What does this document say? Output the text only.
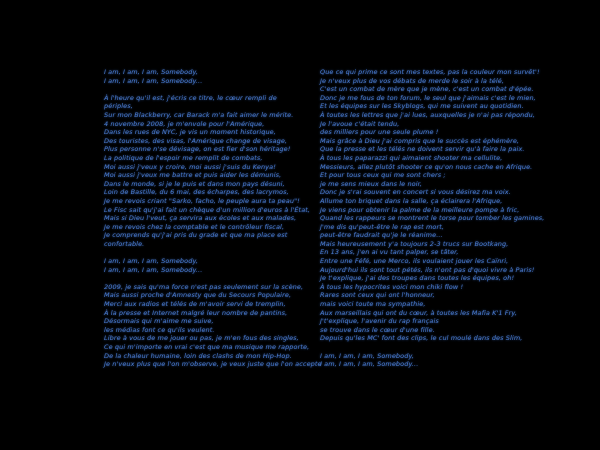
I am, I am, I am, Somebody,
I am, I am, I am, Somebody...
À l'heure qu'il est, j'écris ce titre, le cœur rempli de
périples,
Sur mon Blackberry, car Barack m'a fait aimer le mérite.
4 novembre 2008, je m'envole pour l'Amérique,
Dans les rues de NYC, je vis un moment historique,
Des touristes, des visas, l'Amérique change de visage,
Plus personne n'se dévisage, on est fier d'son héritage!
La politique de l'espoir me remplit de combats,
Moi aussi j'veux y croire, moi aussi j'suis du Kenya!
Moi aussi j'veux me battre et puis aider les démunis,
Dans le monde, si je le puis et dans mon pays désuni,
Loin de Bastille, du 6 mai, des écharpes, des lacrymos,
Je me revois criant "Sarko, facho, le peuple aura ta peau"!
Le Fisc sait qu'j'ai fait un chèque d'un million d'euros à l'État,
Mais si Dieu l'veut, ça servira aux écoles et aux malades,
Je me revois chez la comptable et le contrôleur fiscal,
Je comprends qu'j'ai pris du grade et que ma place est
confortable.
I am, I am, I am, Somebody,
I am, I am, I am, Somebody...
2009, je sais qu'ma force n'est pas seulement sur la scène,
Mais aussi proche d'Amnesty que du Secours Populaire,
Merci aux radios et télés de m'avoir servi de tremplin,
À la presse et Internet malgré leur nombre de pantins,
Désormais qui m'aime me suive,
les médias font ce qu'ils veulent.
Libre à vous de me jouer ou pas, je m'en fous des singles,
Ce qui m'importe en vrai c'est que ma musique me rapporte,
De la chaleur humaine, loin des clashs de mon Hip-Hop.
Je n'veux plus que l'on m'observe, je veux juste que l'on accepte
Que ce qui prime ce sont mes textes, pas la couleur mon survêt'!
Je n'veux plus de vos débats de merde le soir à la télé,
C'est un combat de mère que je mène, c'est un combat d'épée.
Donc je me fous de ton forum, le seul que j'aimais c'est le mien,
Et les équipes sur les Skyblogs, qui me suivent au quotidien.
À toutes les lettres que j'ai lues, auxquelles je n'ai pas répondu,
Je l'avoue c'était tendu,
des milliers pour une seule plume !
Mais grâce à Dieu j'ai compris que le succès est éphémère,
Que la presse et les télés ne doivent servir qu'à faire la paix.
À tous les paparazzi qui aimaient shooter ma cellulite,
Messieurs, allez plutôt shooter ce qu'on nous cache en Afrique.
Et pour tous ceux qui me sont chers ;
je me sens mieux dans le noir,
Donc je s'rai souvent en concert si vous désirez ma voix.
Allume ton briquet dans la salle, ça éclairera l'Afrique,
Je viens pour obtenir la palme de la meilleure pompe à fric,
Quand les rappeurs se montrent le torse pour tomber les gamines,
J'me dis qu'peut-être le rap est mort,
peut-être faudrait qu'je le réanime...
Mais heureusement y'a toujours 2-3 trucs sur Bootkang,
En 13 ans, j'en ai vu tant palper, se tâter,
Entre une Féfé, une Merco, ils voulaient jouer les Caïnri,
Aujourd'hui ils sont tout pétés, ils n'ont pas d'quoi vivre à Paris!
Je t'explique, j'ai des troupes dans toutes les équipes, oh!
À tous les hypocrites voici mon chiki flow !
Rares sont ceux qui ont l'honneur,
mais voici toute ma sympathie,
Aux marseillais qui ont du cœur, à toutes les Mafia K'1 Fry,
J't'explique, l'avenir du rap français
se trouve dans le cœur d'une fille.
Depuis qu'les MC' font des clips, le cul moulé dans des Slim,
I am, I am, I am, Somebody,
I am, I am, I am, Somebody...
